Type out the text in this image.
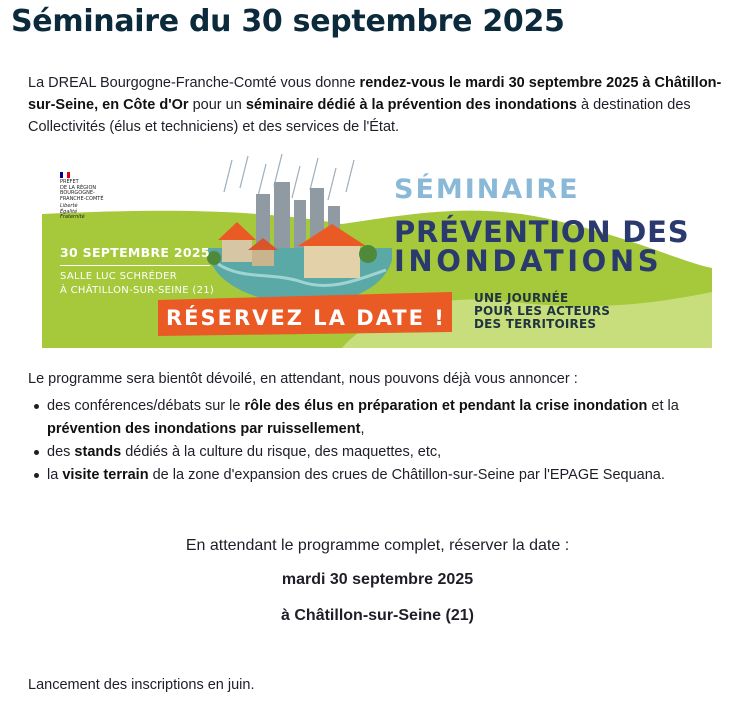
Séminaire du 30 septembre 2025

La DREAL Bourgogne-Franche-Comté vous donne rendez-vous le mardi 30 septembre 2025 à Châtillon-sur-Seine, en Côte d'Or pour un séminaire dédié à la prévention des inondations à destination des Collectivités (élus et techniciens) et des services de l'État.

PRÉFET
DE LA RÉGION
BOURGOGNE-
FRANCHE-COMTÉ
Liberté
Égalité
Fraternité
SÉMINAIRE
PRÉVENTION DES
INONDATIONS
30 SEPTEMBRE 2025
SALLE LUC SCHRÉDER
À CHÂTILLON-SUR-SEINE (21)
RÉSERVEZ LA DATE !
UNE JOURNÉE
POUR LES ACTEURS
DES TERRITOIRES

Le programme sera bientôt dévoilé, en attendant, nous pouvons déjà vous annoncer :

des conférences/débats sur le rôle des élus en préparation et pendant la crise inondation et la prévention des inondations par ruissellement,
des stands dédiés à la culture du risque, des maquettes, etc,
la visite terrain de la zone d'expansion des crues de Châtillon-sur-Seine par l'EPAGE Sequana.

En attendant le programme complet, réserver la date :

mardi 30 septembre 2025

à Châtillon-sur-Seine (21)

Lancement des inscriptions en juin.
